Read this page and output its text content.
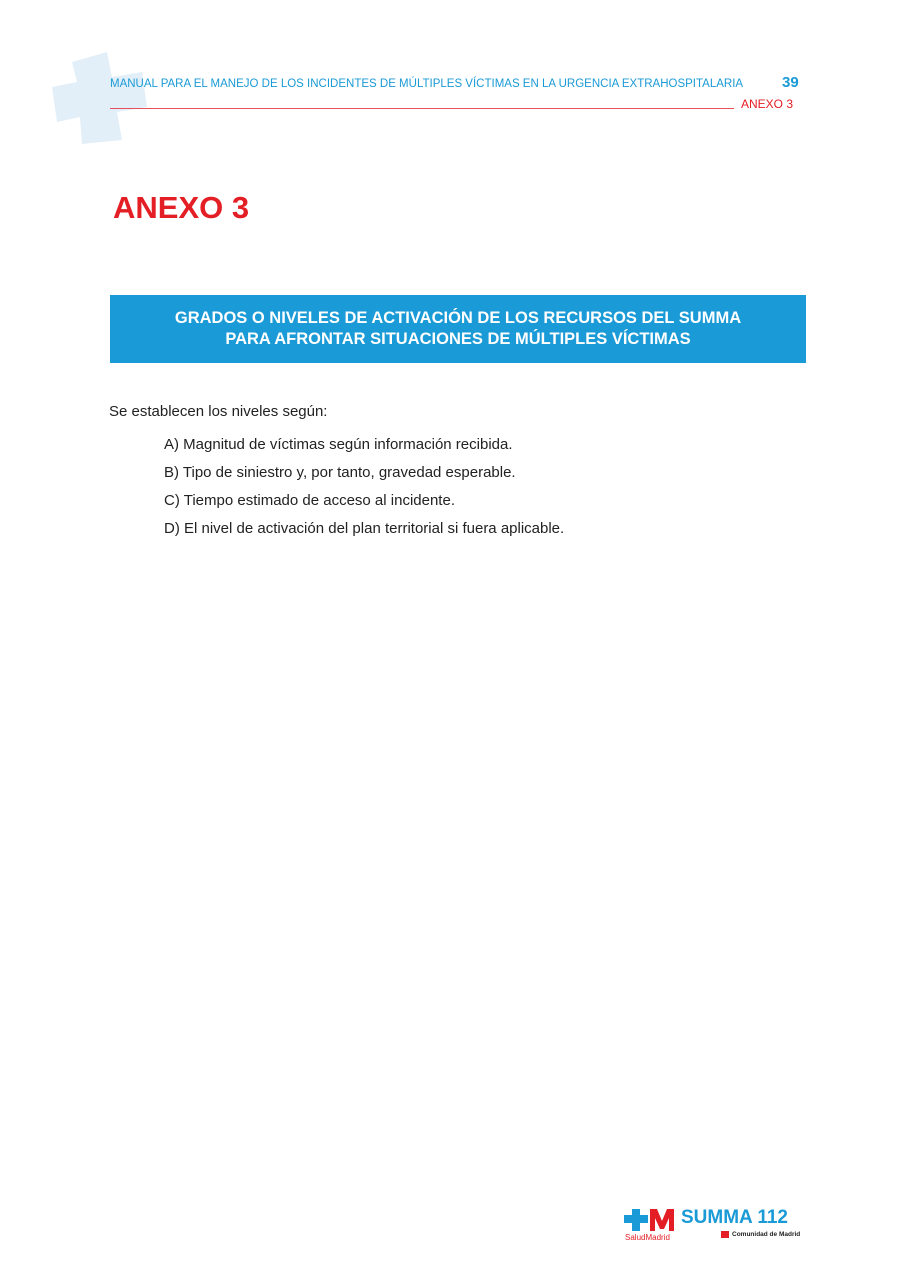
MANUAL PARA EL MANEJO DE LOS INCIDENTES DE MÚLTIPLES VÍCTIMAS EN LA URGENCIA EXTRAHOSPITALARIA	39
ANEXO 3
ANEXO 3
GRADOS O NIVELES DE ACTIVACIÓN DE LOS RECURSOS DEL SUMMA
PARA AFRONTAR SITUACIONES DE MÚLTIPLES VÍCTIMAS
Se establecen los niveles según:
A) Magnitud de víctimas según información recibida.
B) Tipo de siniestro y, por tanto, gravedad esperable.
C) Tiempo estimado de acceso al incidente.
D) El nivel de activación del plan territorial si fuera aplicable.
SUMMA 112
SaludMadrid	Comunidad de Madrid
